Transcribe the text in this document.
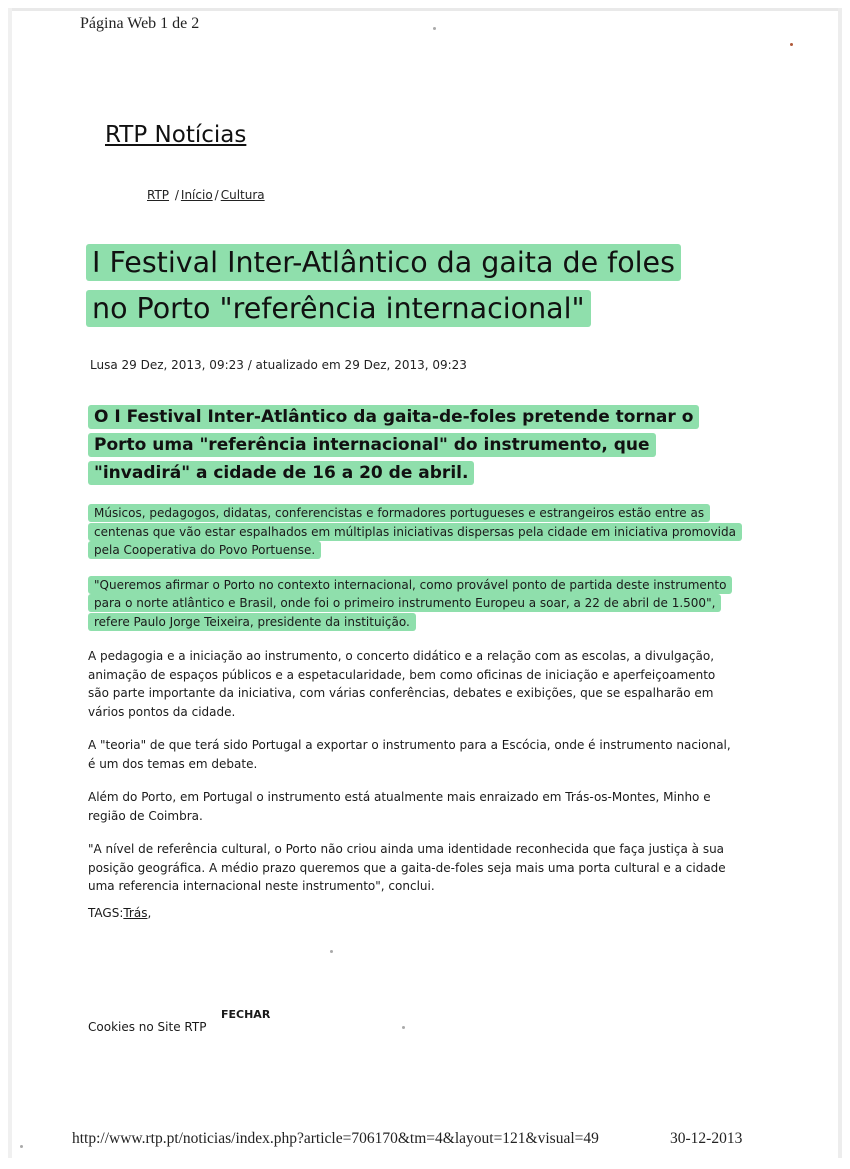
Página Web 1 de 2
RTP Notícias
RTP / Início / Cultura
I Festival Inter-Atlântico da gaita de foles
no Porto "referência internacional"
Lusa 29 Dez, 2013, 09:23 / atualizado em 29 Dez, 2013, 09:23

O I Festival Inter-Atlântico da gaita-de-foles pretende tornar o Porto uma "referência internacional" do instrumento, que "invadirá" a cidade de 16 a 20 de abril.

Músicos, pedagogos, didatas, conferencistas e formadores portugueses e estrangeiros estão entre as centenas que vão estar espalhados em múltiplas iniciativas dispersas pela cidade em iniciativa promovida pela Cooperativa do Povo Portuense.

"Queremos afirmar o Porto no contexto internacional, como provável ponto de partida deste instrumento para o norte atlântico e Brasil, onde foi o primeiro instrumento Europeu a soar, a 22 de abril de 1.500", refere Paulo Jorge Teixeira, presidente da instituição.

A pedagogia e a iniciação ao instrumento, o concerto didático e a relação com as escolas, a divulgação, animação de espaços públicos e a espetacularidade, bem como oficinas de iniciação e aperfeiçoamento são parte importante da iniciativa, com várias conferências, debates e exibições, que se espalharão em vários pontos da cidade.

A "teoria" de que terá sido Portugal a exportar o instrumento para a Escócia, onde é instrumento nacional, é um dos temas em debate.

Além do Porto, em Portugal o instrumento está atualmente mais enraizado em Trás-os-Montes, Minho e região de Coimbra.

"A nível de referência cultural, o Porto não criou ainda uma identidade reconhecida que faça justiça à sua posição geográfica. A médio prazo queremos que a gaita-de-foles seja mais uma porta cultural e a cidade uma referencia internacional neste instrumento", conclui.

TAGS:Trás,
Cookies no Site RTP
FECHAR
http://www.rtp.pt/noticias/index.php?article=706170&tm=4&layout=121&visual=49	30-12-2013
